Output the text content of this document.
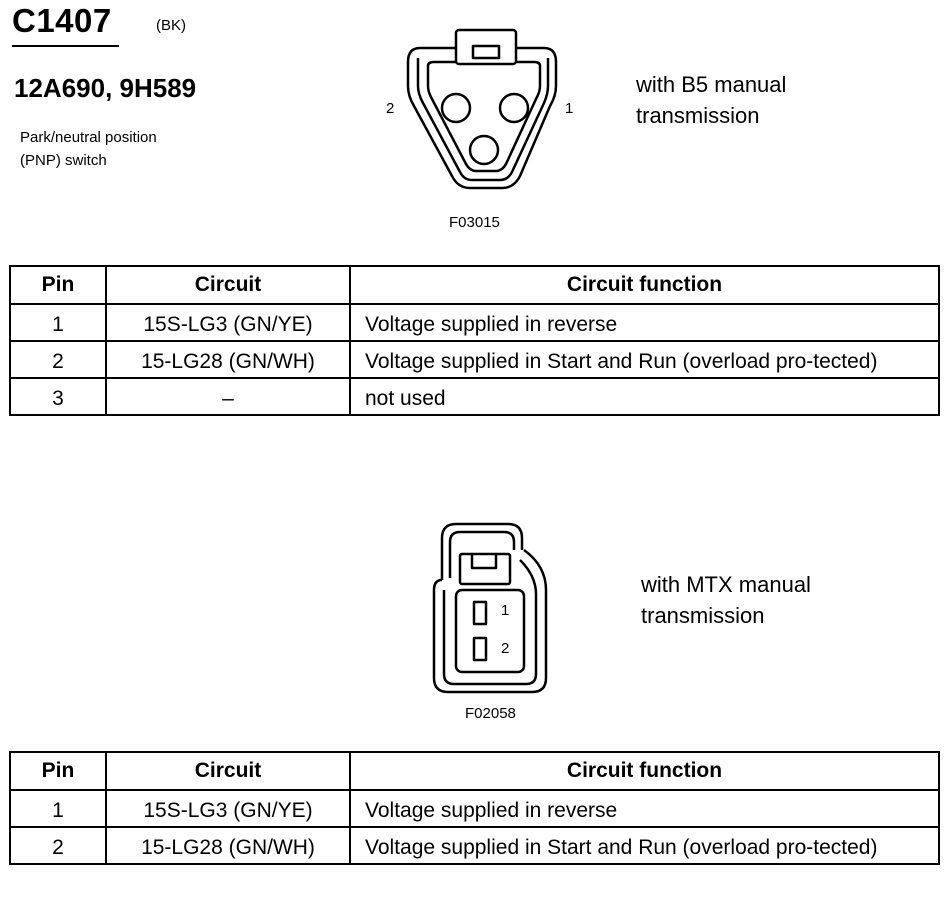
C1407	(BK)
12A690, 9H589
Park/neutral position
(PNP) switch
2	1
F03015
with B5 manual
transmission
Pin	Circuit	Circuit function
1	15S-LG3 (GN/YE)	Voltage supplied in reverse
2	15-LG28 (GN/WH)	Voltage supplied in Start and Run (overload pro-tected)
3	–	not used
1
2
F02058
with MTX manual
transmission
Pin	Circuit	Circuit function
1	15S-LG3 (GN/YE)	Voltage supplied in reverse
2	15-LG28 (GN/WH)	Voltage supplied in Start and Run (overload pro-tected)
